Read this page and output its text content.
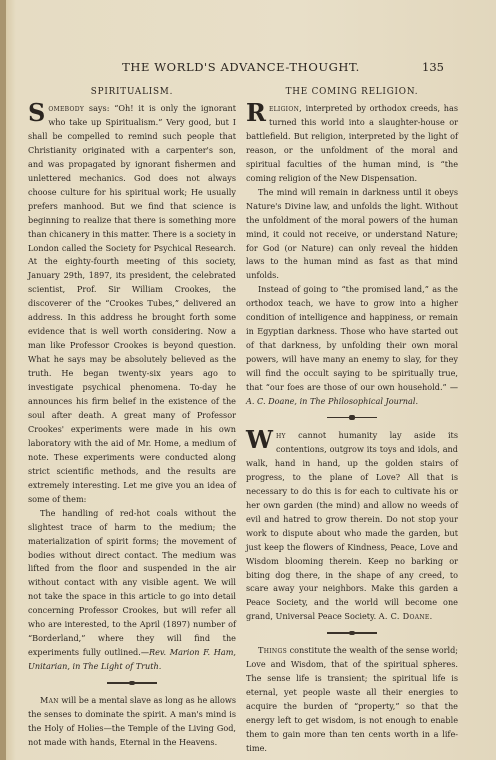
THE WORLD'S ADVANCE-THOUGHT.	135
SPIRITUALISM.

Somebody says: “Oh! it is only the ignorant who take up Spiritualism.” Very good, but I shall be compelled to remind such people that Christianity originated with a carpenter's son, and was propagated by ignorant fishermen and unlettered mechanics. God does not always choose culture for his spiritual work; He usually prefers manhood. But we find that science is beginning to realize that there is something more than chicanery in this matter. There is a society in London called the Society for Psychical Research. At the eighty-fourth meeting of this society, January 29th, 1897, its president, the celebrated scientist, Prof. Sir William Crookes, the discoverer of the “Crookes Tubes,” delivered an address. In this address he brought forth some evidence that is well worth considering. Now a man like Professor Crookes is beyond question. What he says may be absolutely believed as the truth. He began twenty-six years ago to investigate psychical phenomena. To-day he announces his firm belief in the existence of the soul after death. A great many of Professor Crookes' experiments were made in his own laboratory with the aid of Mr. Home, a medium of note. These experiments were conducted along strict scientific methods, and the results are extremely interesting. Let me give you an idea of some of them:

The handling of red-hot coals without the slightest trace of harm to the medium; the materialization of spirit forms; the movement of bodies without direct contact. The medium was lifted from the floor and suspended in the air without contact with any visible agent. We will not take the space in this article to go into detail concerning Professor Crookes, but will refer all who are interested, to the April (1897) number of “Borderland,” where they will find the experiments fully outlined.—Rev. Marion F. Ham, Unitarian, in The Light of Truth.

Man will be a mental slave as long as he allows the senses to dominate the spirit. A man's mind is the Holy of Holies—the Temple of the Living God, not made with hands, Eternal in the Heavens.

THE COMING RELIGION.

Religion, interpreted by orthodox creeds, has turned this world into a slaughter-house or battlefield. But religion, interpreted by the light of reason, or the unfoldment of the moral and spiritual faculties of the human mind, is “the coming religion of the New Dispensation.

The mind will remain in darkness until it obeys Nature's Divine law, and unfolds the light. Without the unfoldment of the moral powers of the human mind, it could not receive, or understand Nature; for God (or Nature) can only reveal the hidden laws to the human mind as fast as that mind unfolds.

Instead of going to “the promised land,” as the orthodox teach, we have to grow into a higher condition of intelligence and happiness, or remain in Egyptian darkness. Those who have started out of that darkness, by unfolding their own moral powers, will have many an enemy to slay, for they will find the occult saying to be spiritually true, that “our foes are those of our own household.” —A. C. Doane, in The Philosophical Journal.

Why cannot humanity lay aside its contentions, outgrow its toys and idols, and walk, hand in hand, up the golden stairs of progress, to the plane of Love? All that is necessary to do this is for each to cultivate his or her own garden (the mind) and allow no weeds of evil and hatred to grow therein. Do not stop your work to dispute about who made the garden, but just keep the flowers of Kindness, Peace, Love and Wisdom blooming therein. Keep no barking or biting dog there, in the shape of any creed, to scare away your neighbors. Make this garden a Peace Society, and the world will become one grand, Universal Peace Society. A. C. Doane.

Things constitute the wealth of the sense world; Love and Wisdom, that of the spiritual spheres. The sense life is transient; the spiritual life is eternal, yet people waste all their energies to acquire the burden of “property,” so that the energy left to get wisdom, is not enough to enable them to gain more than ten cents worth in a life-time.
